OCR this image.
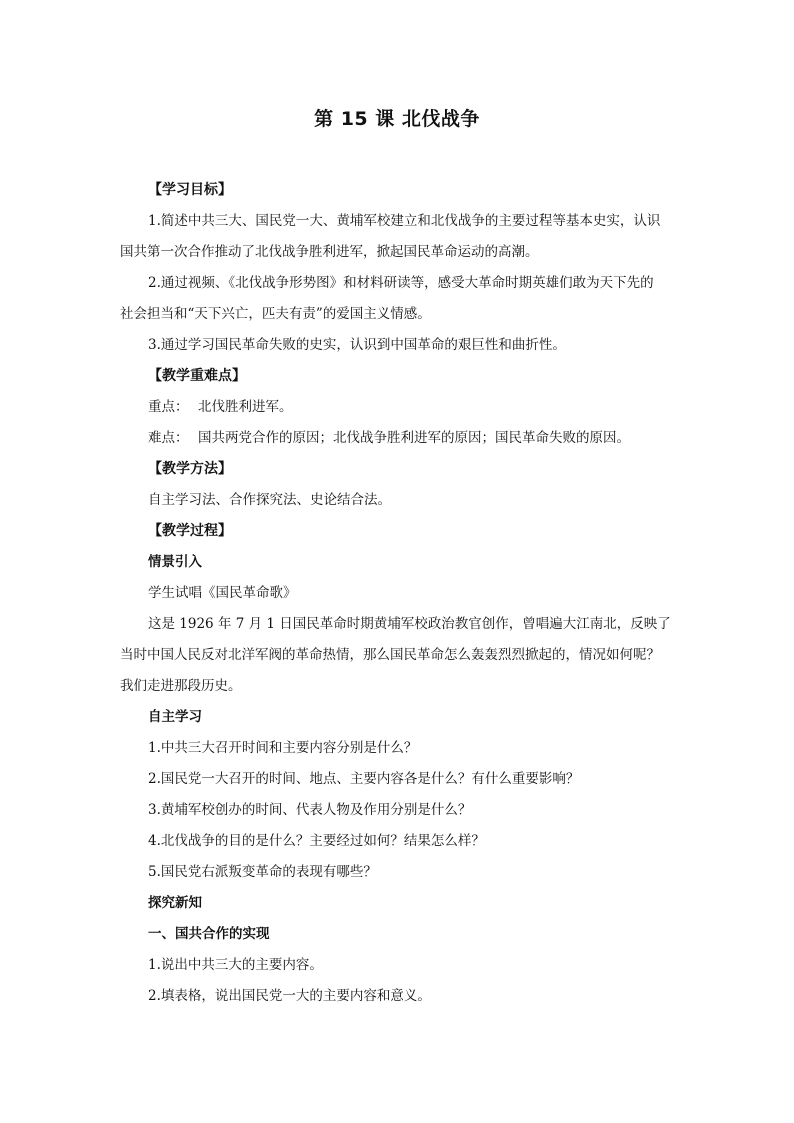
第 15 课 北伐战争
【学习目标】
1.简述中共三大、国民党一大、黄埔军校建立和北伐战争的主要过程等基本史实，认识
国共第一次合作推动了北伐战争胜利进军，掀起国民革命运动的高潮。
2.通过视频、《北伐战争形势图》和材料研读等，感受大革命时期英雄们敢为天下先的
社会担当和“天下兴亡，匹夫有责”的爱国主义情感。
3.通过学习国民革命失败的史实，认识到中国革命的艰巨性和曲折性。
【教学重难点】
重点： 北伐胜利进军。
难点： 国共两党合作的原因；北伐战争胜利进军的原因；国民革命失败的原因。
【教学方法】
自主学习法、合作探究法、史论结合法。
【教学过程】
情景引入
学生试唱《国民革命歌》
这是 1926 年 7 月 1 日国民革命时期黄埔军校政治教官创作，曾唱遍大江南北，反映了
当时中国人民反对北洋军阀的革命热情，那么国民革命怎么轰轰烈烈掀起的，情况如何呢？
我们走进那段历史。
自主学习
1.中共三大召开时间和主要内容分别是什么？
2.国民党一大召开的时间、地点、主要内容各是什么？有什么重要影响？
3.黄埔军校创办的时间、代表人物及作用分别是什么？
4.北伐战争的目的是什么？主要经过如何？结果怎么样？
5.国民党右派叛变革命的表现有哪些？
探究新知
一、国共合作的实现
1.说出中共三大的主要内容。
2.填表格，说出国民党一大的主要内容和意义。
